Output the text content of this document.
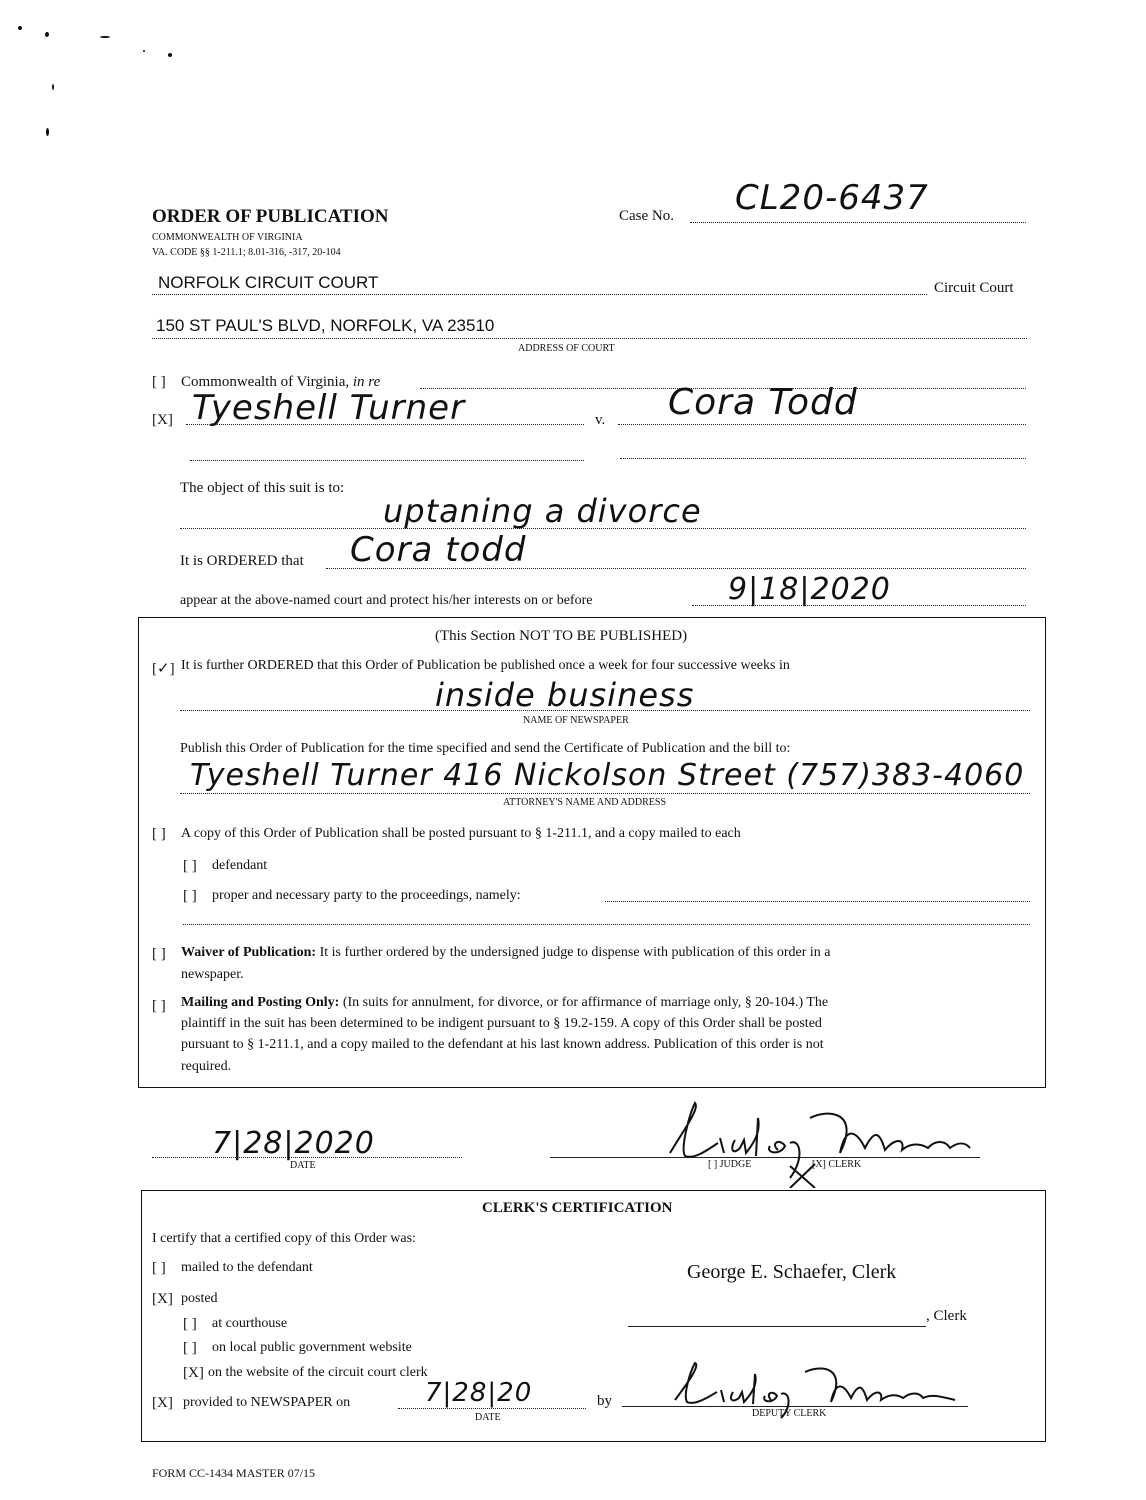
ORDER OF PUBLICATION
COMMONWEALTH OF VIRGINIA
VA. CODE §§ 1-211.1; 8.01-316, -317, 20-104
Case No. CL20-6437
NORFOLK CIRCUIT COURT	Circuit Court
150 ST PAUL'S BLVD, NORFOLK, VA 23510
ADDRESS OF COURT
[ ] Commonwealth of Virginia, in re
[X] Tyeshell Turner	v. Cora Todd
The object of this suit is to:
uptaning a divorce
It is ORDERED that Cora todd
appear at the above-named court and protect his/her interests on or before	9|18|2020
(This Section NOT TO BE PUBLISHED)
[✓] It is further ORDERED that this Order of Publication be published once a week for four successive weeks in
inside business
NAME OF NEWSPAPER
Publish this Order of Publication for the time specified and send the Certificate of Publication and the bill to:
Tyeshell Turner 416 Nickolson Street (757)383-4060
ATTORNEY'S NAME AND ADDRESS
[ ] A copy of this Order of Publication shall be posted pursuant to § 1-211.1, and a copy mailed to each
[ ] defendant
[ ] proper and necessary party to the proceedings, namely:
[ ] Waiver of Publication: It is further ordered by the undersigned judge to dispense with publication of this order in a
newspaper.
[ ] Mailing and Posting Only: (In suits for annulment, for divorce, or for affirmance of marriage only, § 20-104.) The
plaintiff in the suit has been determined to be indigent pursuant to § 19.2-159. A copy of this Order shall be posted
pursuant to § 1-211.1, and a copy mailed to the defendant at his last known address. Publication of this order is not
required.
7|28|2020
DATE	[ ] JUDGE	[X] CLERK
CLERK'S CERTIFICATION
I certify that a certified copy of this Order was:
[ ] mailed to the defendant
[X] posted
[ ] at courthouse
[ ] on local public government website
[X] on the website of the circuit court clerk
[X] provided to NEWSPAPER on	7|28|20
DATE
by
George E. Schaefer, Clerk
, Clerk
DEPUTY CLERK
FORM CC-1434 MASTER 07/15
